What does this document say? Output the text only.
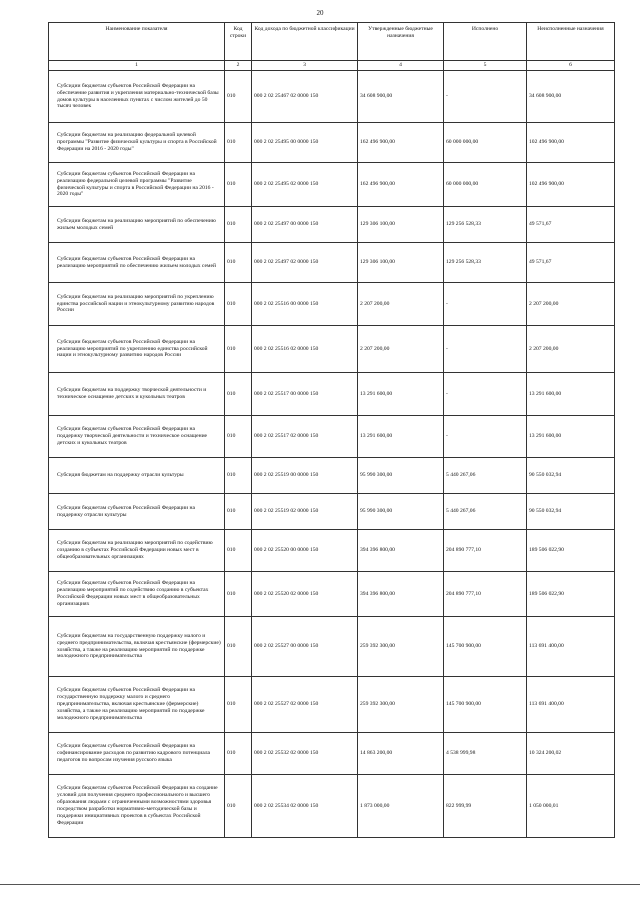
20
Наименование показателя	Код строки	Код дохода по бюджетной классификации	Утвержденные бюджетные назначения	Исполнено	Неисполненные назначения
1	2	3	4	5	6
Субсидии бюджетам субъектов Российской Федерации на обеспечение развития и укрепления материально-технической базы домов культуры в населенных пунктах с числом жителей до 50 тысяч человек	010	000 2 02 25467 02 0000 150	34 608 900,00	-	34 608 900,00
Субсидии бюджетам на реализацию федеральной целевой программы "Развитие физической культуры и спорта в Российской Федерации на 2016 - 2020 годы"	010	000 2 02 25495 00 0000 150	162 496 900,00	60 000 000,00	102 496 900,00
Субсидии бюджетам субъектов Российской Федерации на реализацию федеральной целевой программы "Развитие физической культуры и спорта в Российской Федерации на 2016 - 2020 годы"	010	000 2 02 25495 02 0000 150	162 496 900,00	60 000 000,00	102 496 900,00
Субсидии бюджетам на реализацию мероприятий по обеспечению жильем молодых семей	010	000 2 02 25497 00 0000 150	129 306 100,00	129 256 528,33	49 571,67
Субсидии бюджетам субъектов Российской Федерации на реализацию мероприятий по обеспечению жильем молодых семей	010	000 2 02 25497 02 0000 150	129 306 100,00	129 256 528,33	49 571,67
Субсидии бюджетам на реализацию мероприятий по укреплению единства российской нации и этнокультурному развитию народов России	010	000 2 02 25516 00 0000 150	2 207 200,00	-	2 207 200,00
Субсидии бюджетам субъектов Российской Федерации на реализацию мероприятий по укреплению единства российской нации и этнокультурному развитию народов России	010	000 2 02 25516 02 0000 150	2 207 200,00	-	2 207 200,00
Субсидии бюджетам на поддержку творческой деятельности и техническое оснащение детских и кукольных театров	010	000 2 02 25517 00 0000 150	13 291 600,00	-	13 291 600,00
Субсидии бюджетам субъектов Российской Федерации на поддержку творческой деятельности и техническое оснащение детских и кукольных театров	010	000 2 02 25517 02 0000 150	13 291 600,00	-	13 291 600,00
Субсидия бюджетам на поддержку отрасли культуры	010	000 2 02 25519 00 0000 150	95 990 300,00	5 440 267,06	90 550 032,94
Субсидии бюджетам субъектов Российской Федерации на поддержку отрасли культуры	010	000 2 02 25519 02 0000 150	95 990 300,00	5 440 267,06	90 550 032,94
Субсидии бюджетам на реализацию мероприятий по содействию созданию в субъектах Российской Федерации новых мест в общеобразовательных организациях	010	000 2 02 25520 00 0000 150	394 396 800,00	204 890 777,10	189 506 022,90
Субсидии бюджетам субъектов Российской Федерации на реализацию мероприятий по содействию созданию в субъектах Российской Федерации новых мест в общеобразовательных организациях	010	000 2 02 25520 02 0000 150	394 396 800,00	204 890 777,10	189 506 022,90
Субсидии бюджетам на государственную поддержку малого и среднего предпринимательства, включая крестьянские (фермерские) хозяйства, а также на реализацию мероприятий по поддержке молодежного предпринимательства	010	000 2 02 25527 00 0000 150	259 392 300,00	145 700 900,00	113 691 400,00
Субсидии бюджетам субъектов Российской Федерации на государственную поддержку малого и среднего предпринимательства, включая крестьянские (фермерские) хозяйства, а также на реализацию мероприятий по поддержке молодежного предпринимательства	010	000 2 02 25527 02 0000 150	259 392 300,00	145 700 900,00	113 691 400,00
Субсидии бюджетам субъектов Российской Федерации на софинансирование расходов по развитию кадрового потенциала педагогов по вопросам изучения русского языка	010	000 2 02 25532 02 0000 150	14 863 200,00	4 538 999,98	10 324 200,02
Субсидии бюджетам субъектов Российской Федерации на создание условий для получения среднего профессионального и высшего образования людьми с ограниченными возможностями здоровья посредством разработки нормативно-методической базы и поддержки инициативных проектов в субъектах Российской Федерации	010	000 2 02 25534 02 0000 150	1 873 000,00	822 999,99	1 050 000,01
